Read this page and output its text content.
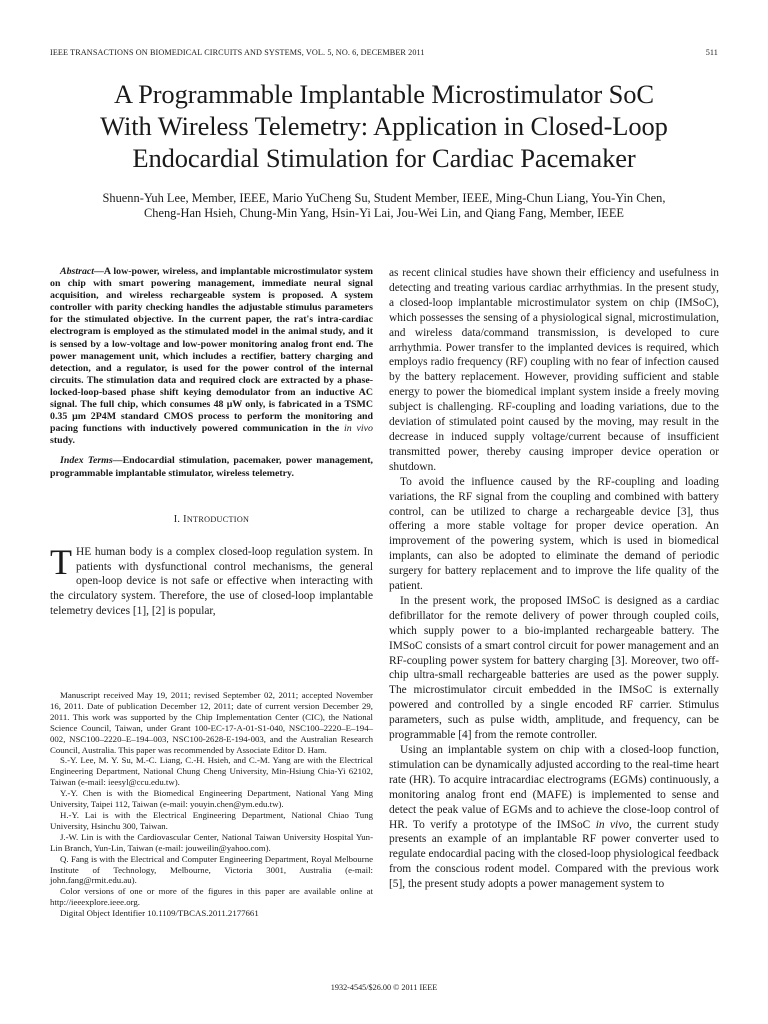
IEEE TRANSACTIONS ON BIOMEDICAL CIRCUITS AND SYSTEMS, VOL. 5, NO. 6, DECEMBER 2011	511
A Programmable Implantable Microstimulator SoC
With Wireless Telemetry: Application in Closed-Loop
Endocardial Stimulation for Cardiac Pacemaker
Shuenn-Yuh Lee, Member, IEEE, Mario YuCheng Su, Student Member, IEEE, Ming-Chun Liang, You-Yin Chen,
Cheng-Han Hsieh, Chung-Min Yang, Hsin-Yi Lai, Jou-Wei Lin, and Qiang Fang, Member, IEEE

Abstract—A low-power, wireless, and implantable microstimulator system on chip with smart powering management, immediate neural signal acquisition, and wireless rechargeable system is proposed. A system controller with parity checking handles the adjustable stimulus parameters for the stimulated objective. In the current paper, the rat's intra-cardiac electrogram is employed as the stimulated model in the animal study, and it is sensed by a low-voltage and low-power monitoring analog front end. The power management unit, which includes a rectifier, battery charging and detection, and a regulator, is used for the power control of the internal circuits. The stimulation data and required clock are extracted by a phase-locked-loop-based phase shift keying demodulator from an inductive AC signal. The full chip, which consumes 48 μW only, is fabricated in a TSMC 0.35 μm 2P4M standard CMOS process to perform the monitoring and pacing functions with inductively powered communication in the in vivo study.

Index Terms—Endocardial stimulation, pacemaker, power management, programmable implantable stimulator, wireless telemetry.

I. INTRODUCTION

THE human body is a complex closed-loop regulation system. In patients with dysfunctional control mechanisms, the general open-loop device is not safe or effective when interacting with the circulatory system. Therefore, the use of closed-loop implantable telemetry devices [1], [2] is popular,

Manuscript received May 19, 2011; revised September 02, 2011; accepted November 16, 2011. Date of publication December 12, 2011; date of current version December 29, 2011. This work was supported by the Chip Implementation Center (CIC), the National Science Council, Taiwan, under Grant 100-EC-17-A-01-S1-040, NSC100–2220–E–194–002, NSC100–2220–E–194–003, NSC100-2628-E-194-003, and the Australian Research Council, Australia. This paper was recommended by Associate Editor D. Ham.

S.-Y. Lee, M. Y. Su, M.-C. Liang, C.-H. Hsieh, and C.-M. Yang are with the Electrical Engineering Department, National Chung Cheng University, Min-Hsiung Chia-Yi 62102, Taiwan (e-mail: ieesyl@ccu.edu.tw).

Y.-Y. Chen is with the Biomedical Engineering Department, National Yang Ming University, Taipei 112, Taiwan (e-mail: youyin.chen@ym.edu.tw).

H.-Y. Lai is with the Electrical Engineering Department, National Chiao Tung University, Hsinchu 300, Taiwan.

J.-W. Lin is with the Cardiovascular Center, National Taiwan University Hospital Yun-Lin Branch, Yun-Lin, Taiwan (e-mail: jouweilin@yahoo.com).

Q. Fang is with the Electrical and Computer Engineering Department, Royal Melbourne Institute of Technology, Melbourne, Victoria 3001, Australia (e-mail: john.fang@rmit.edu.au).

Color versions of one or more of the figures in this paper are available online at http://ieeexplore.ieee.org.

Digital Object Identifier 10.1109/TBCAS.2011.2177661

as recent clinical studies have shown their efficiency and usefulness in detecting and treating various cardiac arrhythmias. In the present study, a closed-loop implantable microstimulator system on chip (IMSoC), which possesses the sensing of a physiological signal, microstimulation, and wireless data/command transmission, is developed to cure arrhythmia. Power transfer to the implanted devices is required, which employs radio frequency (RF) coupling with no fear of infection caused by the battery replacement. However, providing sufficient and stable energy to power the biomedical implant system inside a freely moving subject is challenging. RF-coupling and loading variations, due to the deviation of stimulated point caused by the moving, may result in the decrease in induced supply voltage/current because of insufficient transmitted power, thereby causing improper device operation or shutdown.

To avoid the influence caused by the RF-coupling and loading variations, the RF signal from the coupling and combined with battery control, can be utilized to charge a rechargeable device [3], thus offering a more stable voltage for proper device operation. An improvement of the powering system, which is used in biomedical implants, can also be adopted to eliminate the demand of periodic surgery for battery replacement and to improve the life quality of the patient.

In the present work, the proposed IMSoC is designed as a cardiac defibrillator for the remote delivery of power through coupled coils, which supply power to a bio-implanted rechargeable battery. The IMSoC consists of a smart control circuit for power management and an RF-coupling power system for battery charging [3]. Moreover, two off-chip ultra-small rechargeable batteries are used as the power supply. The microstimulator circuit embedded in the IMSoC is externally powered and controlled by a single encoded RF carrier. Stimulus parameters, such as pulse width, amplitude, and frequency, can be programmable [4] from the remote controller.

Using an implantable system on chip with a closed-loop function, stimulation can be dynamically adjusted according to the real-time heart rate (HR). To acquire intracardiac electrograms (EGMs) continuously, a monitoring analog front end (MAFE) is implemented to sense and detect the peak value of EGMs and to achieve the close-loop control of HR. To verify a prototype of the IMSoC in vivo, the current study presents an example of an implantable RF power converter used to regulate endocardial pacing with the closed-loop physiological feedback from the conscious rodent model. Compared with the previous work [5], the present study adopts a power management system to

1932-4545/$26.00 © 2011 IEEE
